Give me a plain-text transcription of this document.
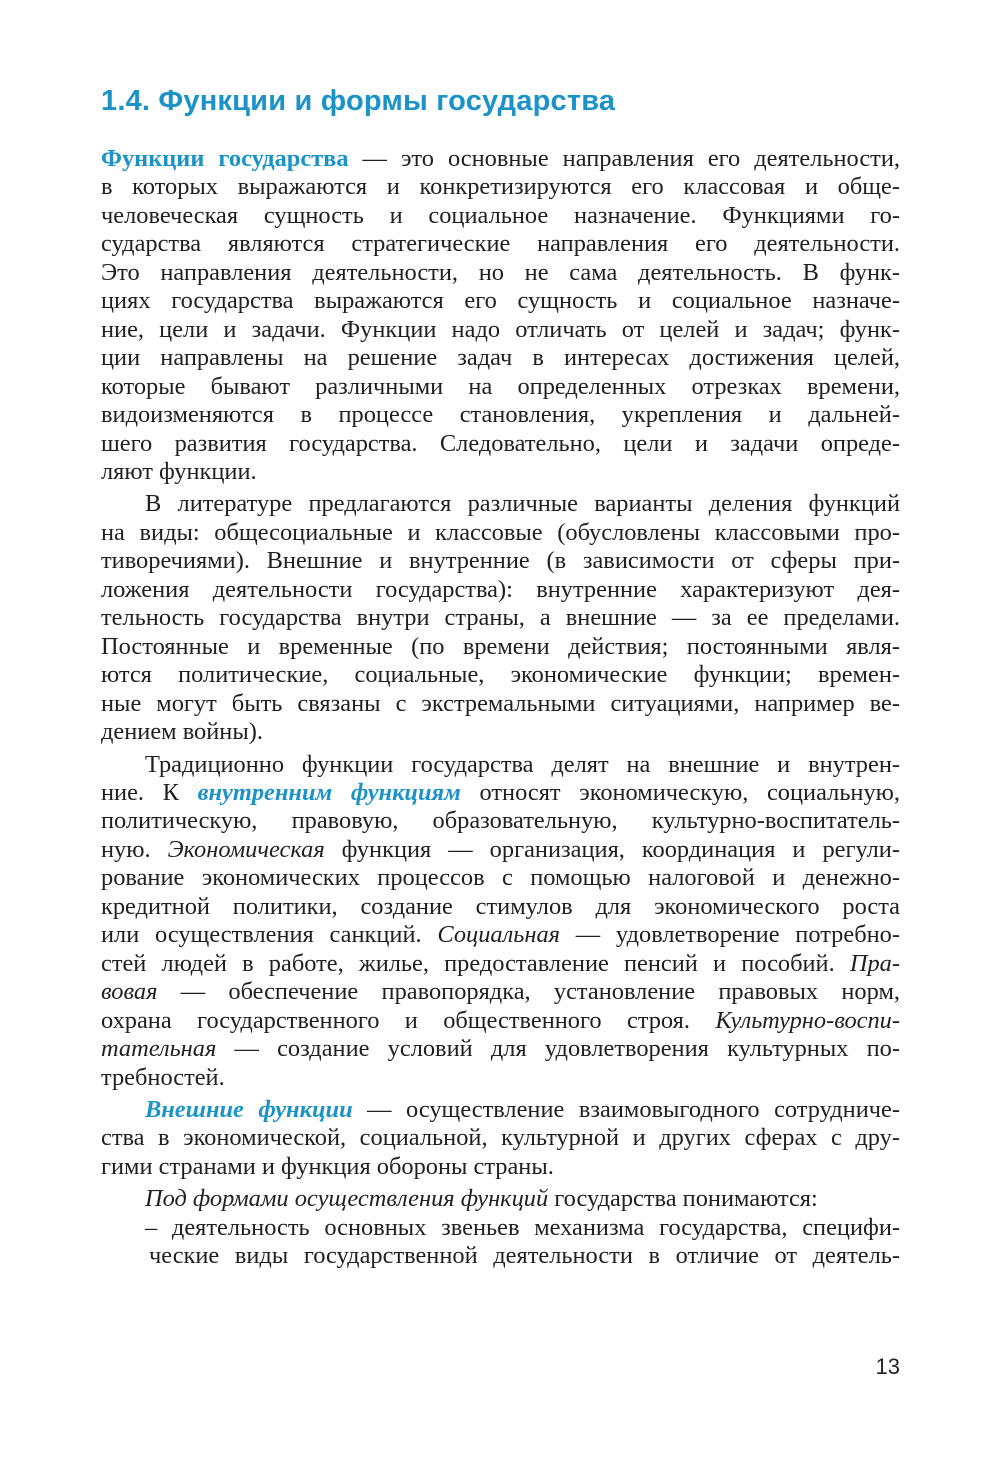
1.4. Функции и формы государства

Функции государства — это основные направления его деятельности,
в которых выражаются и конкретизируются его классовая и обще-
человеческая сущность и социальное назначение. Функциями го-
сударства являются стратегические направления его деятельности.
Это направления деятельности, но не сама деятельность. В функ-
циях государства выражаются его сущность и социальное назначе-
ние, цели и задачи. Функции надо отличать от целей и задач; функ-
ции направлены на решение задач в интересах достижения целей,
которые бывают различными на определенных отрезках времени,
видоизменяются в процессе становления, укрепления и дальней-
шего развития государства. Следовательно, цели и задачи опреде-
ляют функции.

В литературе предлагаются различные варианты деления функций
на виды: общесоциальные и классовые (обусловлены классовыми про-
тиворечиями). Внешние и внутренние (в зависимости от сферы при-
ложения деятельности государства): внутренние характеризуют дея-
тельность государства внутри страны, а внешние — за ее пределами.
Постоянные и временные (по времени действия; постоянными явля-
ются политические, социальные, экономические функции; времен-
ные могут быть связаны с экстремальными ситуациями, например ве-
дением войны).

Традиционно функции государства делят на внешние и внутрен-
ние. К внутренним функциям относят экономическую, социальную,
политическую, правовую, образовательную, культурно-воспитатель-
ную. Экономическая функция — организация, координация и регули-
рование экономических процессов с помощью налоговой и денежно-
кредитной политики, создание стимулов для экономического роста
или осуществления санкций. Социальная — удовлетворение потребно-
стей людей в работе, жилье, предоставление пенсий и пособий. Пра-
вовая — обеспечение правопорядка, установление правовых норм,
охрана государственного и общественного строя. Культурно-воспи-
тательная — создание условий для удовлетворения культурных по-
требностей.

Внешние функции — осуществление взаимовыгодного сотрудниче-
ства в экономической, социальной, культурной и других сферах с дру-
гими странами и функция обороны страны.

Под формами осуществления функций государства понимаются:

– деятельность основных звеньев механизма государства, специфи-
ческие виды государственной деятельности в отличие от деятель-

13
